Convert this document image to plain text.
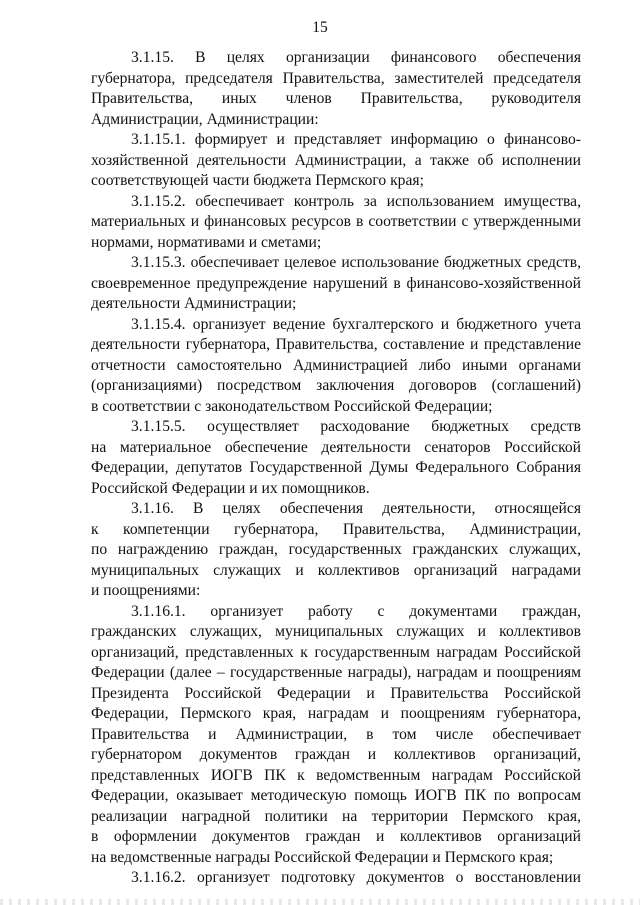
15
3.1.15. В целях организации финансового обеспечения
губернатора, председателя Правительства, заместителей председателя
Правительства, иных членов Правительства, руководителя
Администрации, Администрации:
3.1.15.1. формирует и представляет информацию о финансово-
хозяйственной деятельности Администрации, а также об исполнении
соответствующей части бюджета Пермского края;
3.1.15.2. обеспечивает контроль за использованием имущества,
материальных и финансовых ресурсов в соответствии с утвержденными
нормами, нормативами и сметами;
3.1.15.3. обеспечивает целевое использование бюджетных средств,
своевременное предупреждение нарушений в финансово-хозяйственной
деятельности Администрации;
3.1.15.4. организует ведение бухгалтерского и бюджетного учета
деятельности губернатора, Правительства, составление и представление
отчетности самостоятельно Администрацией либо иными органами
(организациями) посредством заключения договоров (соглашений)
в соответствии с законодательством Российской Федерации;
3.1.15.5. осуществляет расходование бюджетных средств
на материальное обеспечение деятельности сенаторов Российской
Федерации, депутатов Государственной Думы Федерального Собрания
Российской Федерации и их помощников.
3.1.16. В целях обеспечения деятельности, относящейся
к компетенции губернатора, Правительства, Администрации,
по награждению граждан, государственных гражданских служащих,
муниципальных служащих и коллективов организаций наградами
и поощрениями:
3.1.16.1. организует работу с документами граждан,
гражданских служащих, муниципальных служащих и коллективов
организаций, представленных к государственным наградам Российской
Федерации (далее – государственные награды), наградам и поощрениям
Президента Российской Федерации и Правительства Российской
Федерации, Пермского края, наградам и поощрениям губернатора,
Правительства и Администрации, в том числе обеспечивает
губернатором документов граждан и коллективов организаций,
представленных ИОГВ ПК к ведомственным наградам Российской
Федерации, оказывает методическую помощь ИОГВ ПК по вопросам
реализации наградной политики на территории Пермского края,
в оформлении документов граждан и коллективов организаций
на ведомственные награды Российской Федерации и Пермского края;
3.1.16.2. организует подготовку документов о восстановлении
